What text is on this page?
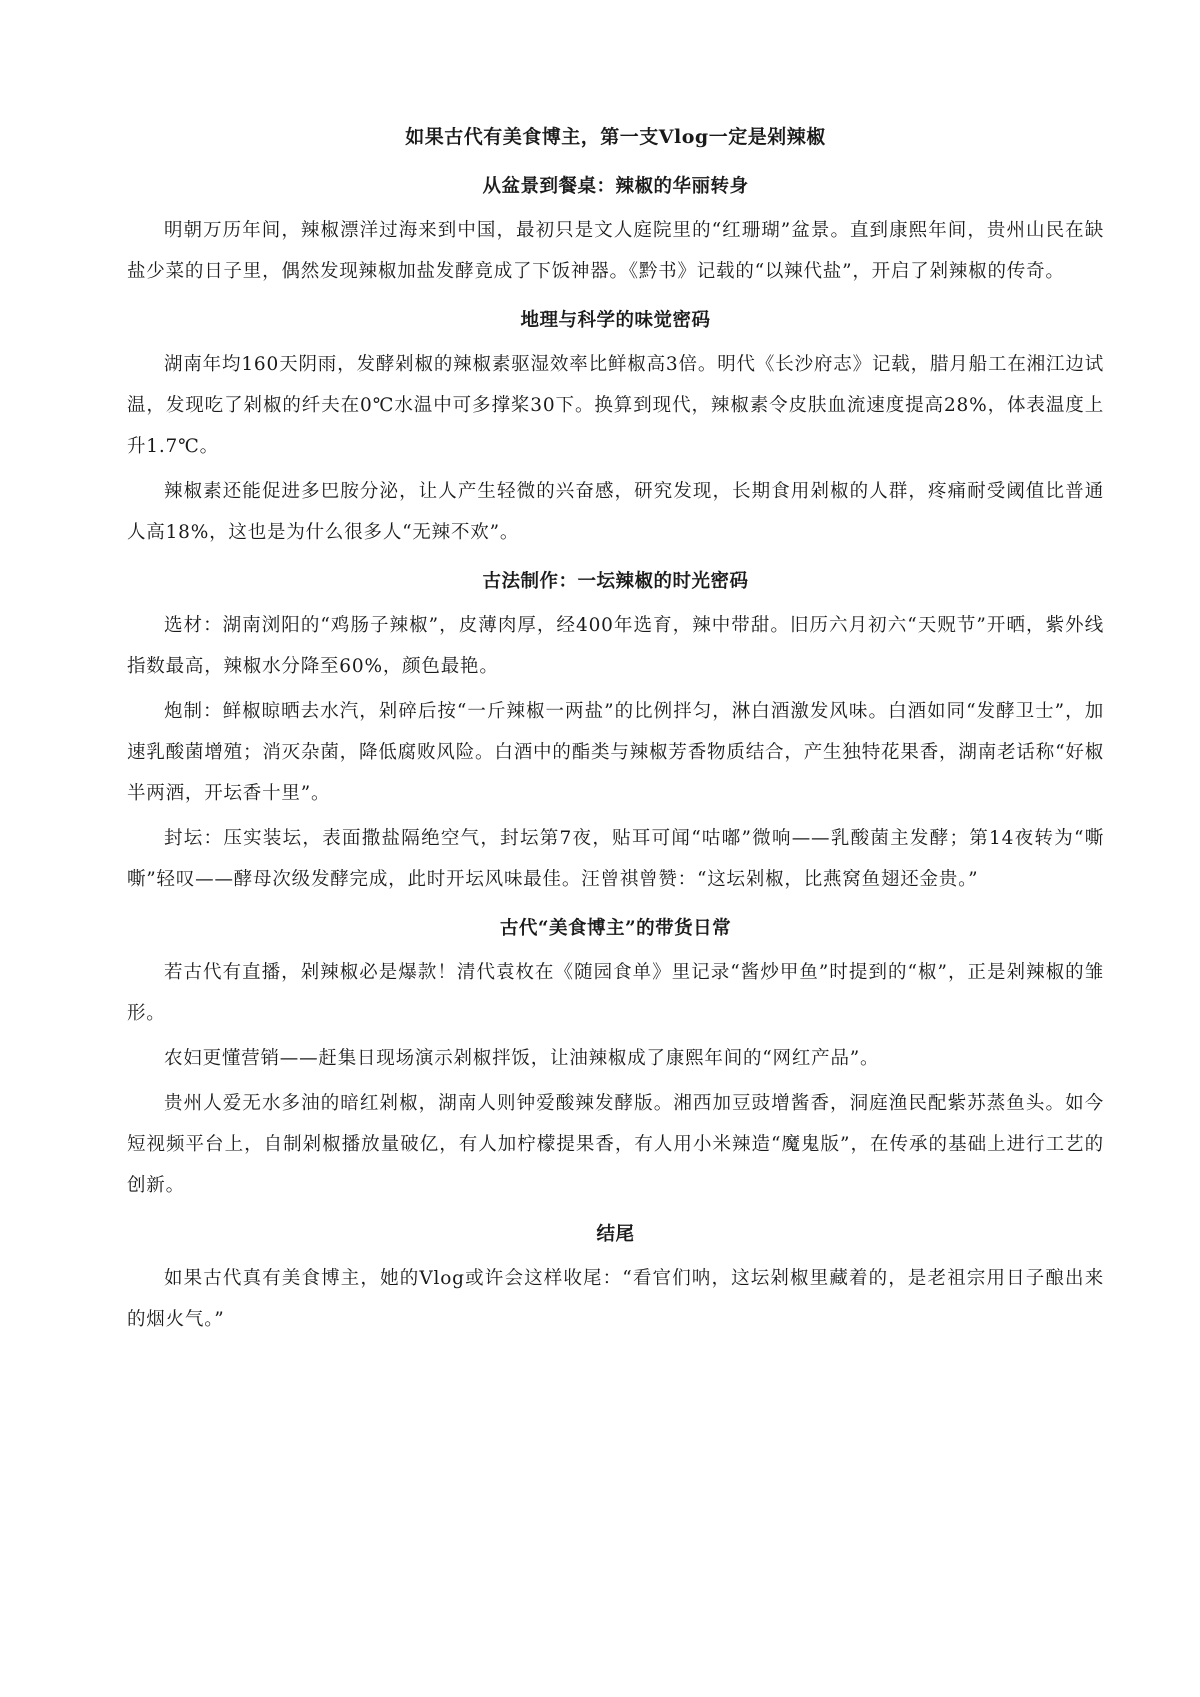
如果古代有美食博主，第一支Vlog一定是剁辣椒
从盆景到餐桌：辣椒的华丽转身

明朝万历年间，辣椒漂洋过海来到中国，最初只是文人庭院里的“红珊瑚”盆景。直到康熙年间，贵州山民在缺盐少菜的日子里，偶然发现辣椒加盐发酵竟成了下饭神器。《黔书》记载的“以辣代盐”，开启了剁辣椒的传奇。

地理与科学的味觉密码

湖南年均160天阴雨，发酵剁椒的辣椒素驱湿效率比鲜椒高3倍。明代《长沙府志》记载，腊月船工在湘江边试温，发现吃了剁椒的纤夫在0℃水温中可多撑桨30下。换算到现代，辣椒素令皮肤血流速度提高28%，体表温度上升1.7℃。

辣椒素还能促进多巴胺分泌，让人产生轻微的兴奋感，研究发现，长期食用剁椒的人群，疼痛耐受阈值比普通人高18%，这也是为什么很多人“无辣不欢”。

古法制作：一坛辣椒的时光密码

选材：湖南浏阳的“鸡肠子辣椒”，皮薄肉厚，经400年选育，辣中带甜。旧历六月初六“天贶节”开晒，紫外线指数最高，辣椒水分降至60%，颜色最艳。

炮制：鲜椒晾晒去水汽，剁碎后按“一斤辣椒一两盐”的比例拌匀，淋白酒激发风味。白酒如同“发酵卫士”，加速乳酸菌增殖；消灭杂菌，降低腐败风险。白酒中的酯类与辣椒芳香物质结合，产生独特花果香，湖南老话称“好椒半两酒，开坛香十里”。

封坛：压实装坛，表面撒盐隔绝空气，封坛第7夜，贴耳可闻“咕嘟”微响——乳酸菌主发酵；第14夜转为“嘶嘶”轻叹——酵母次级发酵完成，此时开坛风味最佳。汪曾祺曾赞：“这坛剁椒，比燕窝鱼翅还金贵。”

古代“美食博主”的带货日常

若古代有直播，剁辣椒必是爆款！清代袁枚在《随园食单》里记录“酱炒甲鱼”时提到的“椒”，正是剁辣椒的雏形。

农妇更懂营销——赶集日现场演示剁椒拌饭，让油辣椒成了康熙年间的“网红产品”。

贵州人爱无水多油的暗红剁椒，湖南人则钟爱酸辣发酵版。湘西加豆豉增酱香，洞庭渔民配紫苏蒸鱼头。如今短视频平台上，自制剁椒播放量破亿，有人加柠檬提果香，有人用小米辣造“魔鬼版”，在传承的基础上进行工艺的创新。

结尾

如果古代真有美食博主，她的Vlog或许会这样收尾：“看官们呐，这坛剁椒里藏着的，是老祖宗用日子酿出来的烟火气。”
